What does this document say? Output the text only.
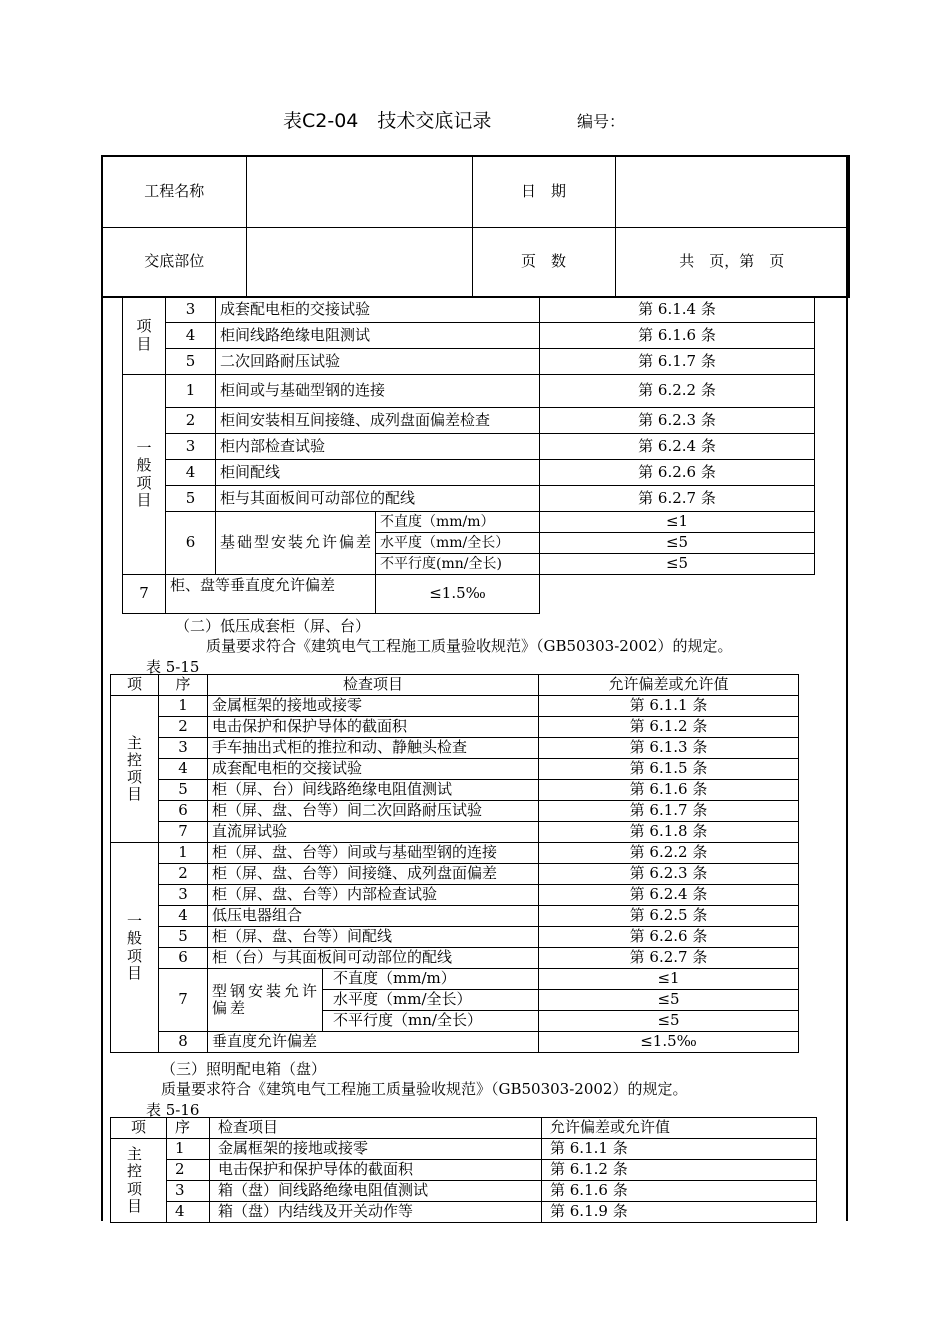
表C2-04　技术交底记录	编号：
工程名称		日　期	
交底部位		页　数	共　页，第　页
项目	3	成套配电柜的交接试验		第 6.1.4 条
	4	柜间线路绝缘电阻测试		第 6.1.6 条
	5	二次回路耐压试验		第 6.1.7 条
一般项目	1	柜间或与基础型钢的连接		第 6.2.2 条
	2	柜间安装相互间接缝、成列盘面偏差检查		第 6.2.3 条
	3	柜内部检查试验		第 6.2.4 条
	4	柜间配线		第 6.2.6 条
	5	柜与其面板间可动部位的配线		第 6.2.7 条
	6	基础型安装允许偏差	不直度（mm/m）	≤1
			水平度（mm/全长）	≤5
			不平行度(mn/全长)	≤5
7	柜、盘等垂直度允许偏差		≤1.5‰	
（二）低压成套柜（屏、台）
质量要求符合《建筑电气工程施工质量验收规范》（GB50303-2002）的规定。
表 5-15
项	序	检查项目		允许偏差或允许值
主控项目	1	金属框架的接地或接零		第 6.1.1 条
	2	电击保护和保护导体的截面积		第 6.1.2 条
	3	手车抽出式柜的推拉和动、静触头检查		第 6.1.3 条
	4	成套配电柜的交接试验		第 6.1.5 条
	5	柜（屏、台）间线路绝缘电阻值测试		第 6.1.6 条
	6	柜（屏、盘、台等）间二次回路耐压试验		第 6.1.7 条
	7	直流屏试验		第 6.1.8 条
一般项目	1	柜（屏、盘、台等）间或与基础型钢的连接		第 6.2.2 条
	2	柜（屏、盘、台等）间接缝、成列盘面偏差		第 6.2.3 条
	3	柜（屏、盘、台等）内部检查试验		第 6.2.4 条
	4	低压电器组合		第 6.2.5 条
	5	柜（屏、盘、台等）间配线		第 6.2.6 条
	6	柜（台）与其面板间可动部位的配线		第 6.2.7 条
	7	型钢安装允许偏差	不直度（mm/m）	≤1
			水平度（mm/全长）	≤5
			不平行度（mn/全长）	≤5
	8	垂直度允许偏差		≤1.5‰
（三）照明配电箱（盘）
质量要求符合《建筑电气工程施工质量验收规范》（GB50303-2002）的规定。
表 5-16
项	序	检查项目	允许偏差或允许值
主控项目	1	金属框架的接地或接零	第 6.1.1 条
	2	电击保护和保护导体的截面积	第 6.1.2 条
	3	箱（盘）间线路绝缘电阻值测试	第 6.1.6 条
	4	箱（盘）内结线及开关动作等	第 6.1.9 条
